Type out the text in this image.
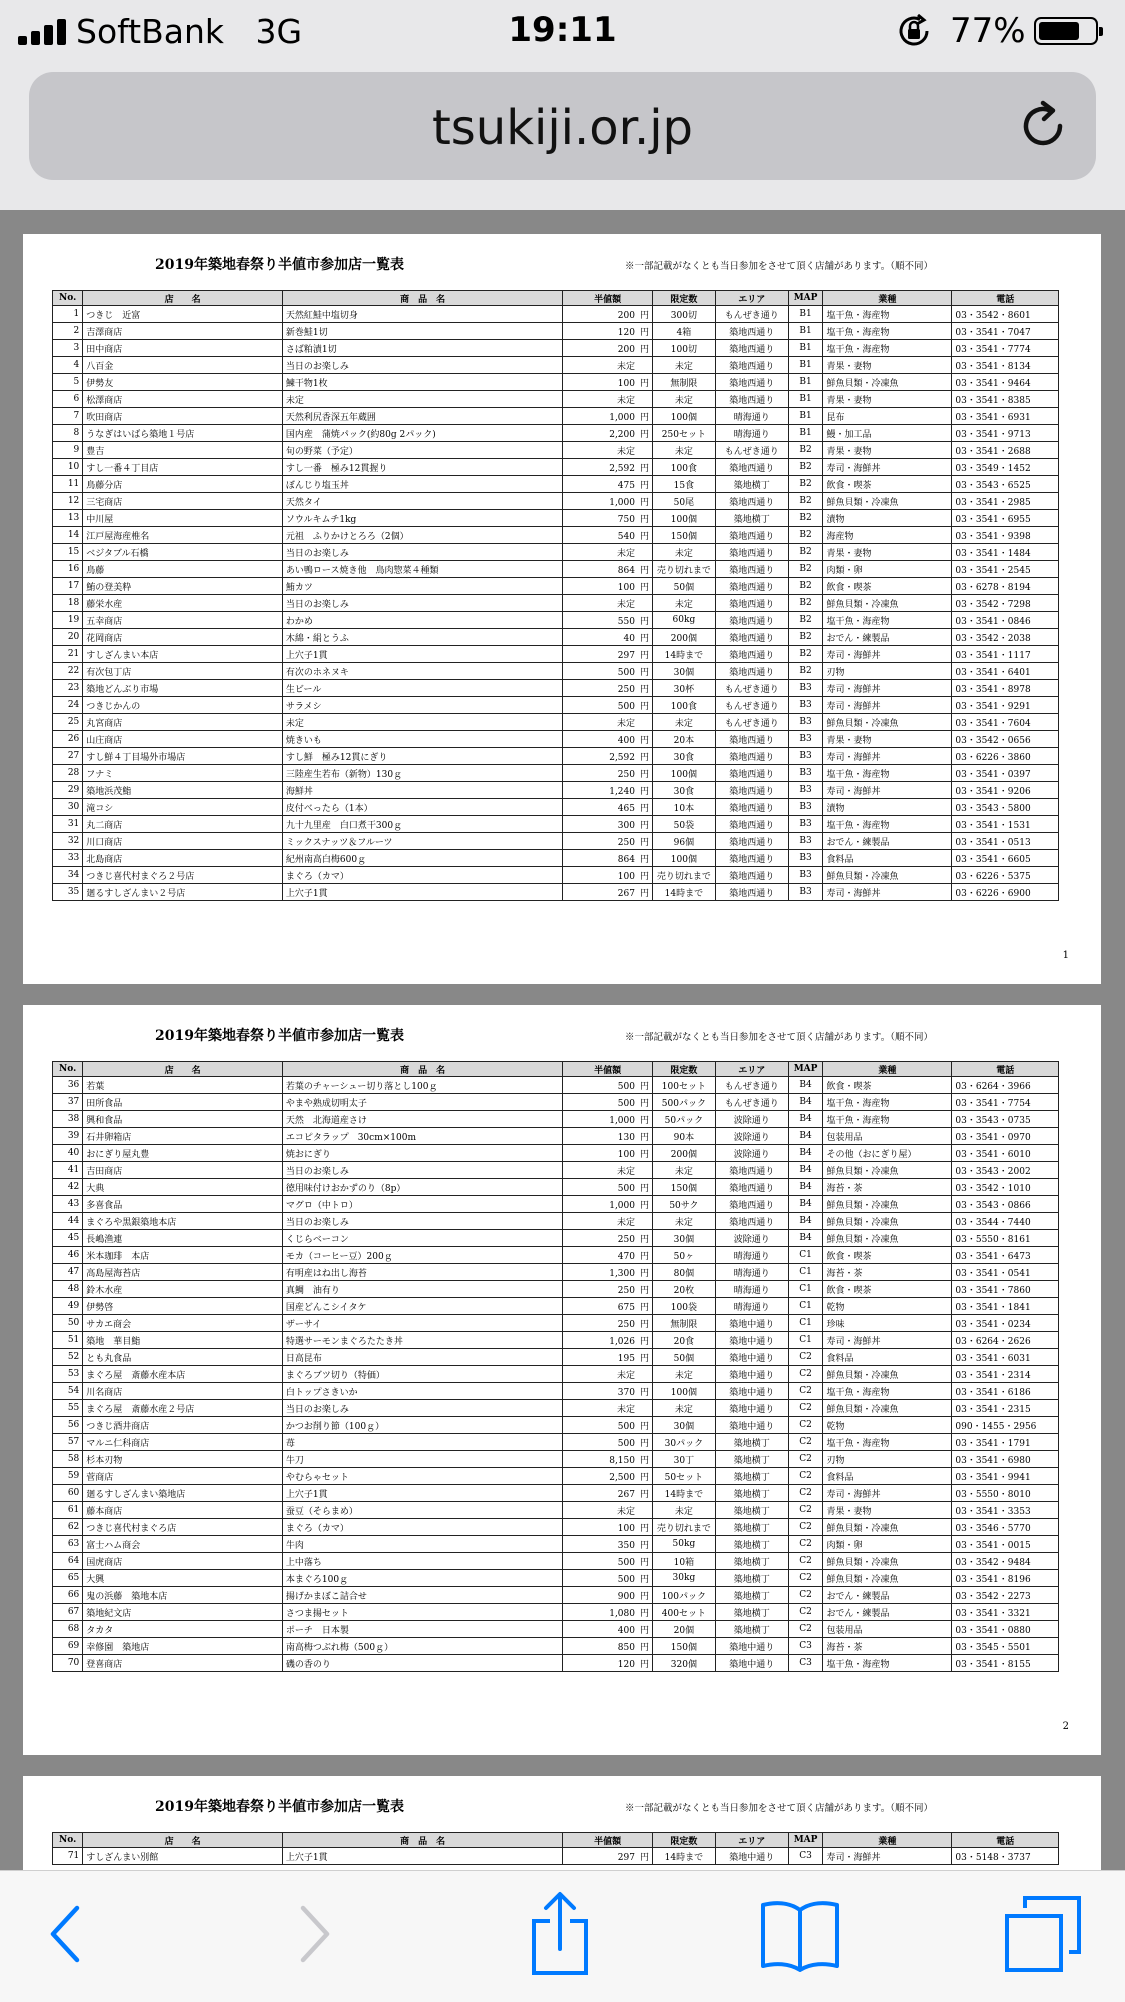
SoftBank 3G	19:11	77%
tsukiji.or.jp
2019年築地春祭り半値市参加店一覧表	※一部記載がなくとも当日参加をさせて頂く店舗があります。（順不同）
No.	店　　名	商　品　名	半値額	限定数	エリア	MAP	業種	電話
1	つきじ　近富	天然紅鮭中塩切身	200 円	300切	もんぜき通り	B1	塩干魚・海産物	03・3542・8601
2	吉澤商店	新巻鮭1切	120 円	4箱	築地西通り	B1	塩干魚・海産物	03・3541・7047
3	田中商店	さば粕漬1切	200 円	100切	築地西通り	B1	塩干魚・海産物	03・3541・7774
4	八百金	当日のお楽しみ	未定	未定	築地西通り	B1	青果・妻物	03・3541・8134
5	伊勢友	鰊干物1枚	100 円	無制限	築地西通り	B1	鮮魚貝類・冷凍魚	03・3541・9464
6	松澤商店	未定	未定	未定	築地西通り	B1	青果・妻物	03・3541・8385
7	吹田商店	天然利尻香深五年蔵囲	1,000 円	100個	晴海通り	B1	昆布	03・3541・6931
8	うなぎはいばら築地１号店	国内産　蒲焼パック(約80g 2パック)	2,200 円	250セット	晴海通り	B1	鰻・加工品	03・3541・9713
9	豊吉	旬の野菜（予定）	未定	未定	もんぜき通り	B2	青果・妻物	03・3541・2688
10	すし一番４丁目店	すし一番　極み12貫握り	2,592 円	100食	築地西通り	B2	寿司・海鮮丼	03・3549・1452
11	鳥藤分店	ぼんじり塩玉丼	475 円	15食	築地横丁	B2	飲食・喫茶	03・3543・6525
12	三宅商店	天然タイ	1,000 円	50尾	築地西通り	B2	鮮魚貝類・冷凍魚	03・3541・2985
13	中川屋	ソウルキムチ1kg	750 円	100個	築地横丁	B2	漬物	03・3541・6955
14	江戸屋海産椎名	元祖　ふりかけとろろ（2個）	540 円	150個	築地西通り	B2	海産物	03・3541・9398
15	ベジタブル石橋	当日のお楽しみ	未定	未定	築地西通り	B2	青果・妻物	03・3541・1484
16	鳥藤	あい鴨ロース焼き他　鳥肉惣菜４種類	864 円	売り切れまで	築地西通り	B2	肉類・卵	03・3541・2545
17	鮪の登美粋	鮪カツ	100 円	50個	築地西通り	B2	飲食・喫茶	03・6278・8194
18	藤栄水産	当日のお楽しみ	未定	未定	築地西通り	B2	鮮魚貝類・冷凍魚	03・3542・7298
19	五幸商店	わかめ	550 円	60kg	築地西通り	B2	塩干魚・海産物	03・3541・0846
20	花岡商店	木綿・絹とうふ	40 円	200個	築地西通り	B2	おでん・練製品	03・3542・2038
21	すしざんまい本店	上穴子1貫	297 円	14時まで	築地西通り	B2	寿司・海鮮丼	03・3541・1117
22	有次包丁店	有次のホネヌキ	500 円	30個	築地西通り	B2	刃物	03・3541・6401
23	築地どんぶり市場	生ビール	250 円	30杯	もんぜき通り	B3	寿司・海鮮丼	03・3541・8978
24	つきじかんの	サラメシ	500 円	100食	もんぜき通り	B3	寿司・海鮮丼	03・3541・9291
25	丸宮商店	未定	未定	未定	もんぜき通り	B3	鮮魚貝類・冷凍魚	03・3541・7604
26	山庄商店	焼きいも	400 円	20本	築地西通り	B3	青果・妻物	03・3542・0656
27	すし鮮４丁目場外市場店	すし鮮　極み12貫にぎり	2,592 円	30食	築地西通り	B3	寿司・海鮮丼	03・6226・3860
28	フナミ	三陸産生若布（新物）130ｇ	250 円	100個	築地西通り	B3	塩干魚・海産物	03・3541・0397
29	築地浜茂鮨	海鮮丼	1,240 円	30食	築地西通り	B3	寿司・海鮮丼	03・3541・9206
30	滝コシ	皮付べったら（1本）	465 円	10本	築地西通り	B3	漬物	03・3543・5800
31	丸二商店	九十九里産　白口煮干300ｇ	300 円	50袋	築地西通り	B3	塩干魚・海産物	03・3541・1531
32	川口商店	ミックスナッツ＆フルーツ	250 円	96個	築地西通り	B3	おでん・練製品	03・3541・0513
33	北島商店	紀州南高白梅600ｇ	864 円	100個	築地西通り	B3	食料品	03・3541・6605
34	つきじ喜代村まぐろ２号店	まぐろ（カマ）	100 円	売り切れまで	築地西通り	B3	鮮魚貝類・冷凍魚	03・6226・5375
35	廻るすしざんまい２号店	上穴子1貫	267 円	14時まで	築地西通り	B3	寿司・海鮮丼	03・6226・6900
1
2019年築地春祭り半値市参加店一覧表	※一部記載がなくとも当日参加をさせて頂く店舗があります。（順不同）
No.	店　　名	商　品　名	半値額	限定数	エリア	MAP	業種	電話
36	若葉	若葉のチャーシュー切り落とし100ｇ	500 円	100セット	もんぜき通り	B4	飲食・喫茶	03・6264・3966
37	田所食品	やまや熟成切明太子	500 円	500パック	もんぜき通り	B4	塩干魚・海産物	03・3541・7754
38	興和食品	天然　北海道産さけ	1,000 円	50パック	波除通り	B4	塩干魚・海産物	03・3543・0735
39	石井卵箱店	エコピタラップ　30cm×100m	130 円	90本	波除通り	B4	包装用品	03・3541・0970
40	おにぎり屋丸豊	焼おにぎり	100 円	200個	波除通り	B4	その他（おにぎり屋）	03・3541・6010
41	吉田商店	当日のお楽しみ	未定	未定	築地西通り	B4	鮮魚貝類・冷凍魚	03・3543・2002
42	大典	徳用味付けおかずのり（8p）	500 円	150個	築地西通り	B4	海苔・茶	03・3542・1010
43	多喜食品	マグロ（中トロ）	1,000 円	50サク	築地西通り	B4	鮮魚貝類・冷凍魚	03・3543・0866
44	まぐろや黒銀築地本店	当日のお楽しみ	未定	未定	築地西通り	B4	鮮魚貝類・冷凍魚	03・3544・7440
45	長嶋渔連	くじらベーコン	250 円	30個	波除通り	B4	鮮魚貝類・冷凍魚	03・5550・8161
46	米本珈琲　本店	モカ（コーヒー豆）200ｇ	470 円	50ヶ	晴海通り	C1	飲食・喫茶	03・3541・6473
47	高島屋海苔店	有明産はね出し海苔	1,300 円	80個	晴海通り	C1	海苔・茶	03・3541・0541
48	鈴木水産	真鯛　油有り	250 円	20枚	晴海通り	C1	飲食・喫茶	03・3541・7860
49	伊勢啓	国産どんこシイタケ	675 円	100袋	晴海通り	C1	乾物	03・3541・1841
50	サカエ商会	ザーサイ	250 円	無制限	築地中通り	C1	珍味	03・3541・0234
51	築地　華目鮨	特選サーモンまぐろたたき丼	1,026 円	20食	築地中通り	C1	寿司・海鮮丼	03・6264・2626
52	とも丸食品	日高昆布	195 円	50個	築地中通り	C2	食料品	03・3541・6031
53	まぐろ屋　斎藤水産本店	まぐろブツ切り（特価）	未定	未定	築地中通り	C2	鮮魚貝類・冷凍魚	03・3541・2314
54	川名商店	白トップさきいか	370 円	100個	築地中通り	C2	塩干魚・海産物	03・3541・6186
55	まぐろ屋　斎藤水産２号店	当日のお楽しみ	未定	未定	築地中通り	C2	鮮魚貝類・冷凍魚	03・3541・2315
56	つきじ酒井商店	かつお削り節（100ｇ）	500 円	30個	築地中通り	C2	乾物	090・1455・2956
57	マルニ仁科商店	苺	500 円	30パック	築地横丁	C2	塩干魚・海産物	03・3541・1791
58	杉本刃物	牛刀	8,150 円	30丁	築地横丁	C2	刃物	03・3541・6980
59	菅商店	やむらゃセット	2,500 円	50セット	築地横丁	C2	食料品	03・3541・9941
60	廻るすしざんまい築地店	上穴子1貫	267 円	14時まで	築地横丁	C2	寿司・海鮮丼	03・5550・8010
61	藤本商店	蚕豆（そらまめ）	未定	未定	築地横丁	C2	青果・妻物	03・3541・3353
62	つきじ喜代村まぐろ店	まぐろ（カマ）	100 円	売り切れまで	築地横丁	C2	鮮魚貝類・冷凍魚	03・3546・5770
63	富士ハム商会	牛肉	350 円	50kg	築地横丁	C2	肉類・卵	03・3541・0015
64	国虎商店	上中落ち	500 円	10箱	築地横丁	C2	鮮魚貝類・冷凍魚	03・3542・9484
65	大興	本まぐろ100ｇ	500 円	30kg	築地横丁	C2	鮮魚貝類・冷凍魚	03・3541・8196
66	鬼の浜藤　築地本店	揚げかまぼこ詰合せ	900 円	100パック	築地横丁	C2	おでん・練製品	03・3542・2273
67	築地紀文店	さつま揚セット	1,080 円	400セット	築地横丁	C2	おでん・練製品	03・3541・3321
68	タカタ	ポーチ　日本製	400 円	20個	築地横丁	C2	包装用品	03・3541・0880
69	幸修園　築地店	南高梅つぶれ梅（500ｇ）	850 円	150個	築地中通り	C3	海苔・茶	03・3545・5501
70	登喜商店	磯の香のり	120 円	320個	築地中通り	C3	塩干魚・海産物	03・3541・8155
2
2019年築地春祭り半値市参加店一覧表	※一部記載がなくとも当日参加をさせて頂く店舗があります。（順不同）
No.	店　　名	商　品　名	半値額	限定数	エリア	MAP	業種	電話
71	すしざんまい別館	上穴子1貫	297 円	14時まで	築地中通り	C3	寿司・海鮮丼	03・5148・3737
